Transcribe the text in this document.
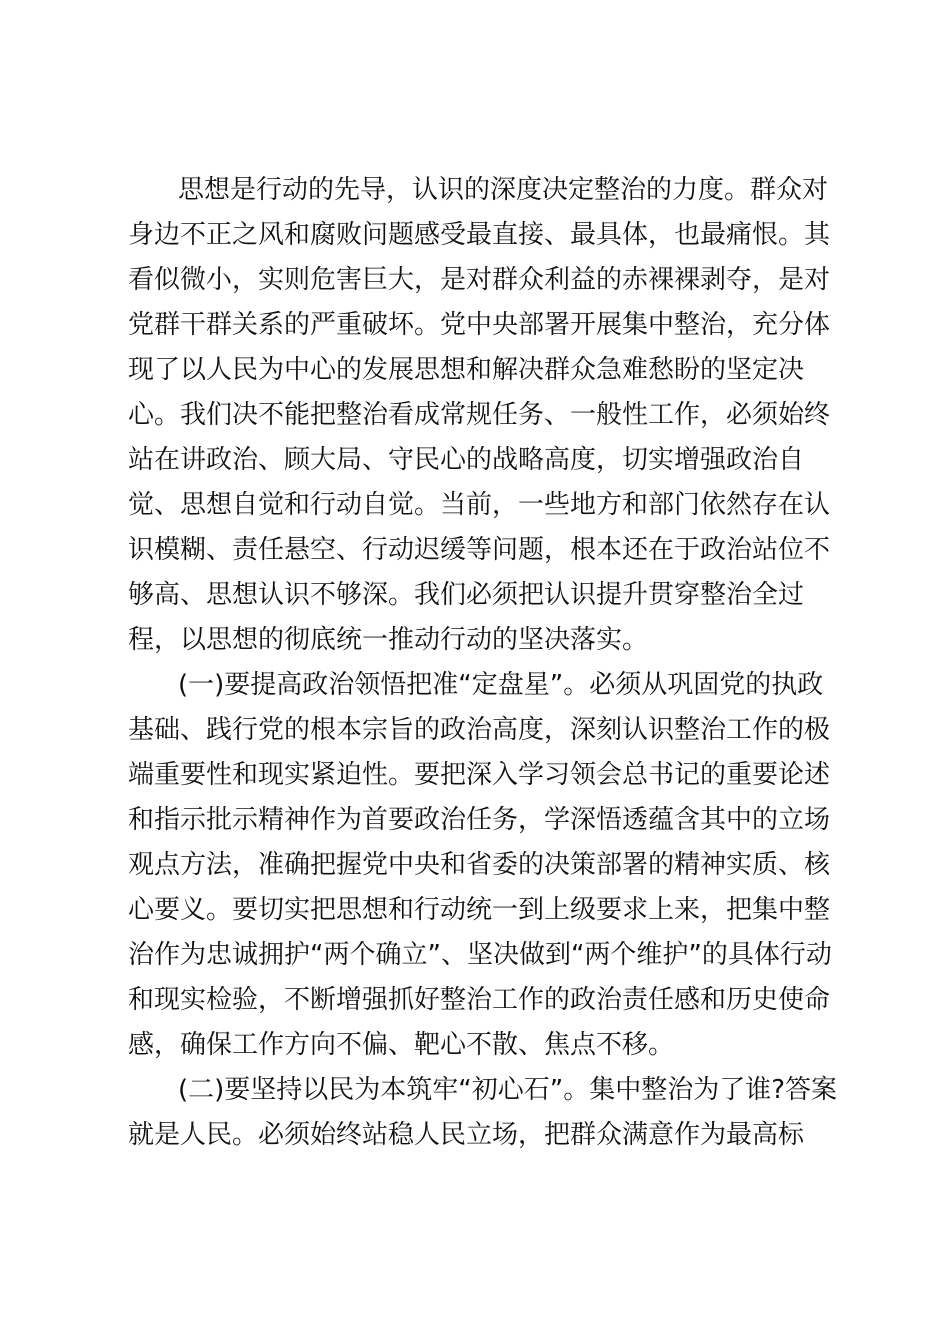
思想是行动的先导，认识的深度决定整治的力度。群众对
身边不正之风和腐败问题感受最直接、最具体，也最痛恨。其
看似微小，实则危害巨大，是对群众利益的赤裸裸剥夺，是对
党群干群关系的严重破坏。党中央部署开展集中整治，充分体
现了以人民为中心的发展思想和解决群众急难愁盼的坚定决
心。我们决不能把整治看成常规任务、一般性工作，必须始终
站在讲政治、顾大局、守民心的战略高度，切实增强政治自
觉、思想自觉和行动自觉。当前，一些地方和部门依然存在认
识模糊、责任悬空、行动迟缓等问题，根本还在于政治站位不
够高、思想认识不够深。我们必须把认识提升贯穿整治全过
程，以思想的彻底统一推动行动的坚决落实。
(一)要提高政治领悟把准“定盘星”。必须从巩固党的执政
基础、践行党的根本宗旨的政治高度，深刻认识整治工作的极
端重要性和现实紧迫性。要把深入学习领会总书记的重要论述
和指示批示精神作为首要政治任务，学深悟透蕴含其中的立场
观点方法，准确把握党中央和省委的决策部署的精神实质、核
心要义。要切实把思想和行动统一到上级要求上来，把集中整
治作为忠诚拥护“两个确立”、坚决做到“两个维护”的具体行动
和现实检验，不断增强抓好整治工作的政治责任感和历史使命
感，确保工作方向不偏、靶心不散、焦点不移。
(二)要坚持以民为本筑牢“初心石”。集中整治为了谁?答案
就是人民。必须始终站稳人民立场，把群众满意作为最高标
